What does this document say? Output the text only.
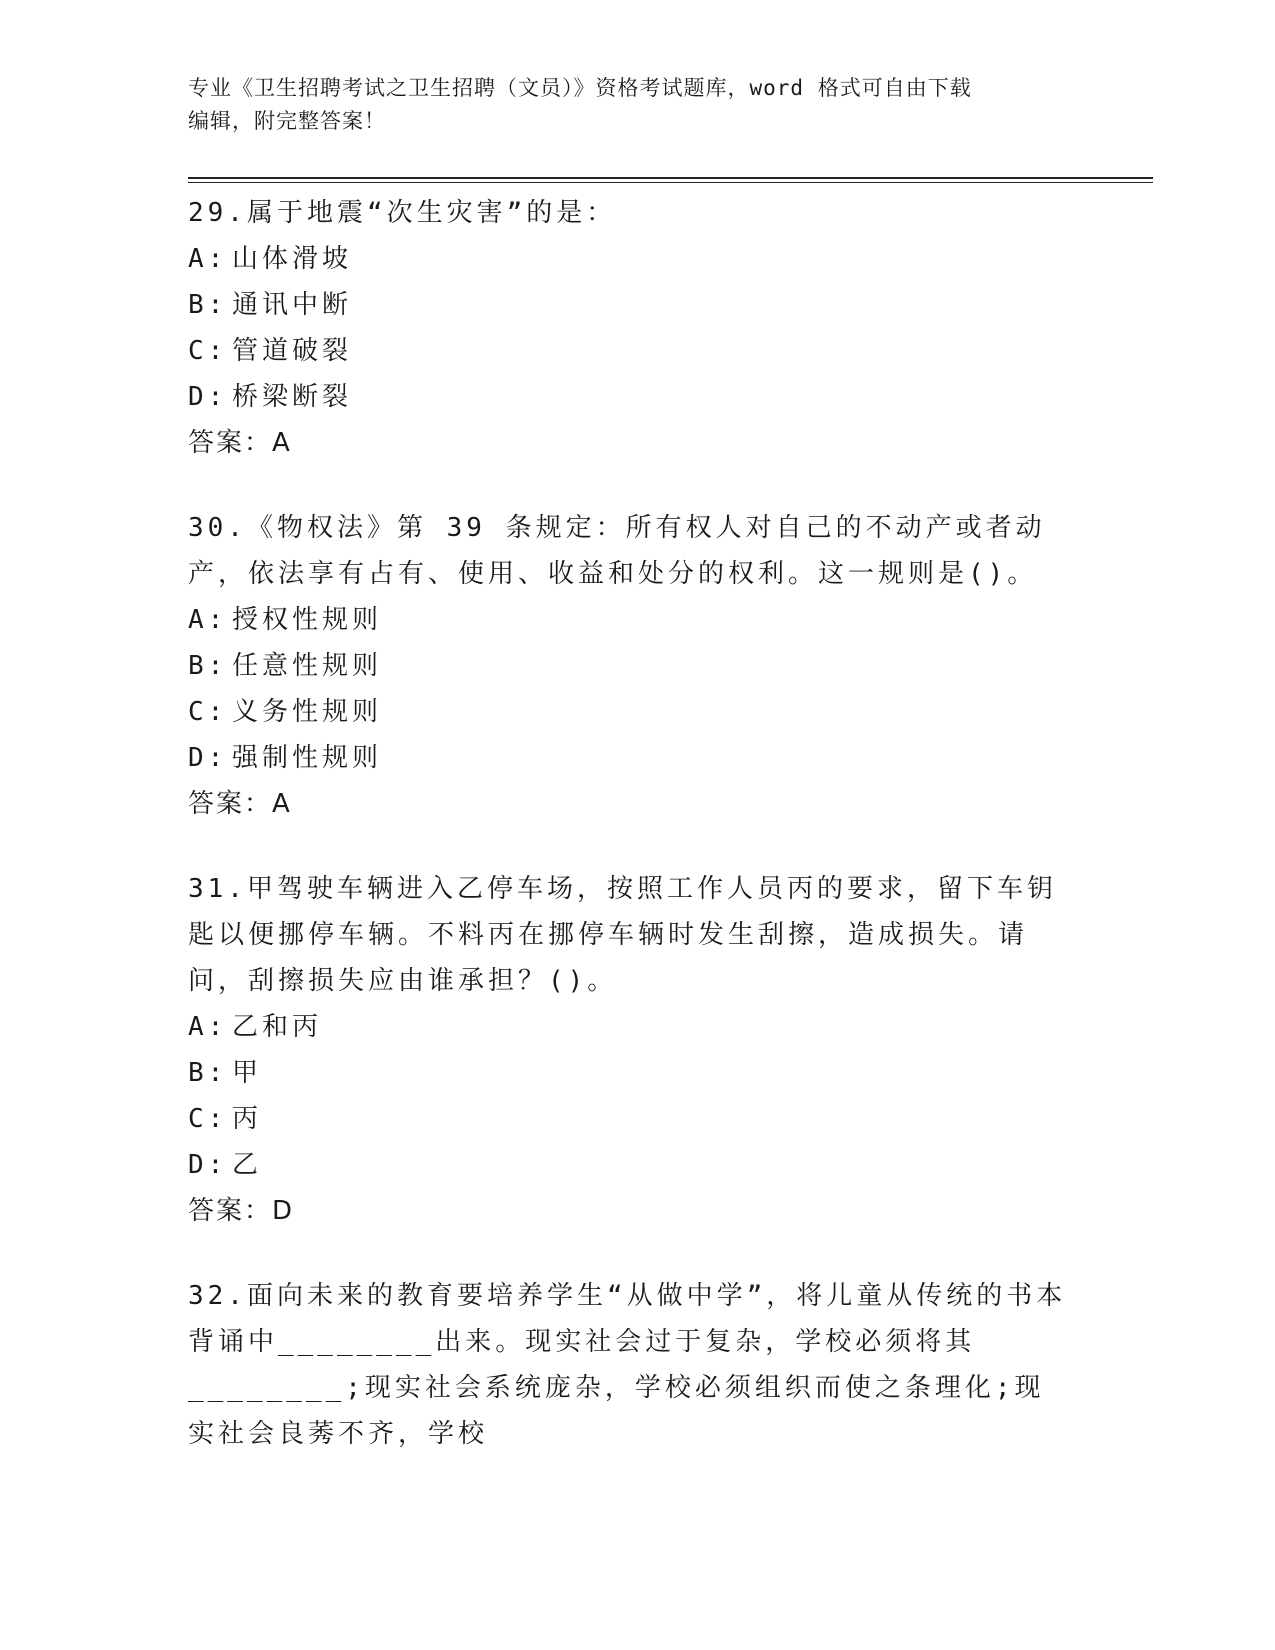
专业《卫生招聘考试之卫生招聘（文员）》资格考试题库，word 格式可自由下载
编辑，附完整答案！

29.属于地震“次生灾害”的是：

A: 山体滑坡

B: 通讯中断

C: 管道破裂

D: 桥梁断裂

答案：A

30.《物权法》第 39 条规定：所有权人对自己的不动产或者动产，依法享有占有、使用、收益和处分的权利。这一规则是()。

A: 授权性规则

B: 任意性规则

C: 义务性规则

D: 强制性规则

答案：A

31.甲驾驶车辆进入乙停车场，按照工作人员丙的要求，留下车钥匙以便挪停车辆。不料丙在挪停车辆时发生刮擦，造成损失。请问，刮擦损失应由谁承担？()。

A: 乙和丙

B: 甲

C: 丙

D: 乙

答案：D

32.面向未来的教育要培养学生“从做中学”，将儿童从传统的书本背诵中________出来。现实社会过于复杂，学校必须将其________;现实社会系统庞杂，学校必须组织而使之条理化;现实社会良莠不齐，学校
